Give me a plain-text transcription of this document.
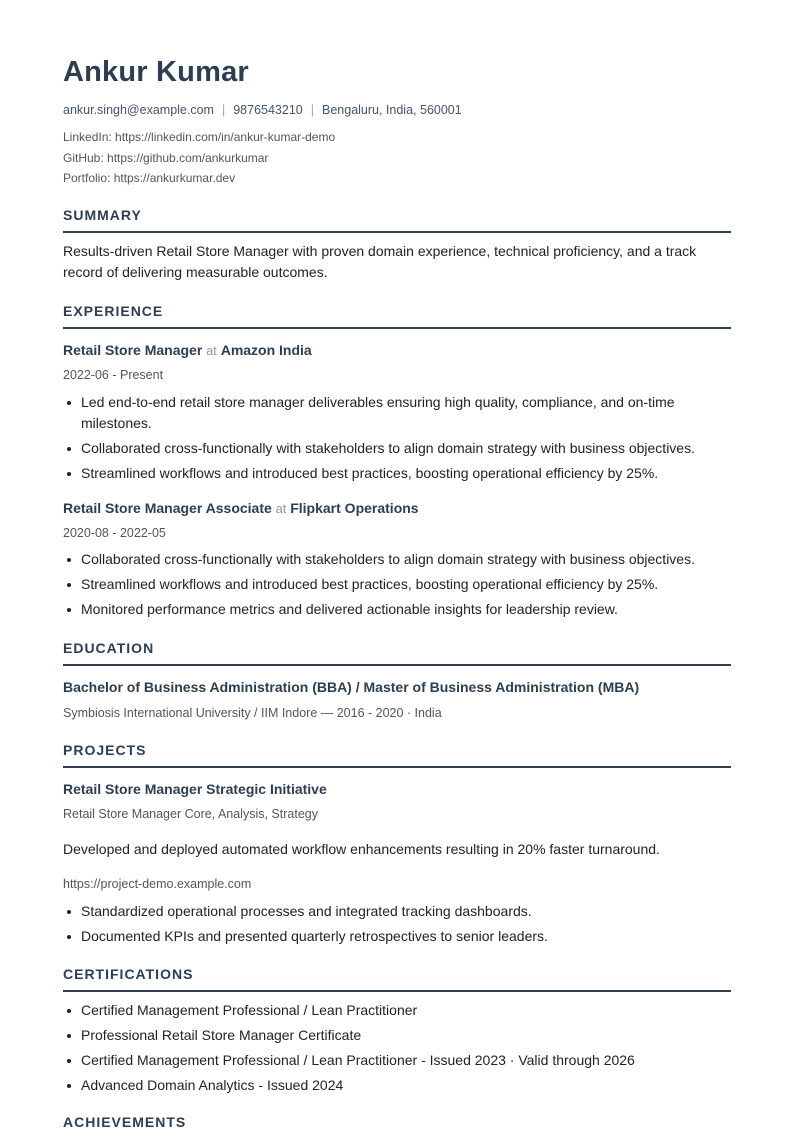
Ankur Kumar
ankur.singh@example.com | 9876543210 | Bengaluru, India, 560001
LinkedIn: https://linkedin.com/in/ankur-kumar-demo
GitHub: https://github.com/ankurkumar
Portfolio: https://ankurkumar.dev
SUMMARY
Results-driven Retail Store Manager with proven domain experience, technical proficiency, and a track record of delivering measurable outcomes.
EXPERIENCE
Retail Store Manager at Amazon India
2022-06 - Present
Led end-to-end retail store manager deliverables ensuring high quality, compliance, and on-time milestones.
Collaborated cross-functionally with stakeholders to align domain strategy with business objectives.
Streamlined workflows and introduced best practices, boosting operational efficiency by 25%.
Retail Store Manager Associate at Flipkart Operations
2020-08 - 2022-05
Collaborated cross-functionally with stakeholders to align domain strategy with business objectives.
Streamlined workflows and introduced best practices, boosting operational efficiency by 25%.
Monitored performance metrics and delivered actionable insights for leadership review.
EDUCATION
Bachelor of Business Administration (BBA) / Master of Business Administration (MBA)
Symbiosis International University / IIM Indore — 2016 - 2020 · India
PROJECTS
Retail Store Manager Strategic Initiative
Retail Store Manager Core, Analysis, Strategy
Developed and deployed automated workflow enhancements resulting in 20% faster turnaround.
https://project-demo.example.com
Standardized operational processes and integrated tracking dashboards.
Documented KPIs and presented quarterly retrospectives to senior leaders.
CERTIFICATIONS
Certified Management Professional / Lean Practitioner
Professional Retail Store Manager Certificate
Certified Management Professional / Lean Practitioner - Issued 2023 · Valid through 2026
Advanced Domain Analytics - Issued 2024
ACHIEVEMENTS
